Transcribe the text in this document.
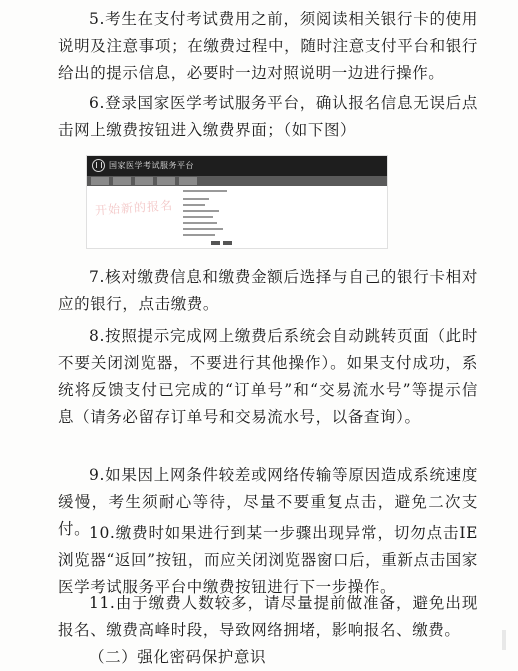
5.考生在支付考试费用之前，须阅读相关银行卡的使用说明及注意事项；在缴费过程中，随时注意支付平台和银行给出的提示信息，必要时一边对照说明一边进行操作。

6.登录国家医学考试服务平台，确认报名信息无误后点击网上缴费按钮进入缴费界面；（如下图）

国家医学考试服务平台
开始新的报名

7.核对缴费信息和缴费金额后选择与自己的银行卡相对应的银行，点击缴费。

8.按照提示完成网上缴费后系统会自动跳转页面（此时不要关闭浏览器，不要进行其他操作）。如果支付成功，系统将反馈支付已完成的“订单号”和“交易流水号”等提示信息（请务必留存订单号和交易流水号，以备查询）。

9.如果因上网条件较差或网络传输等原因造成系统速度缓慢，考生须耐心等待，尽量不要重复点击，避免二次支付。

10.缴费时如果进行到某一步骤出现异常，切勿点击IE浏览器“返回”按钮，而应关闭浏览器窗口后，重新点击国家医学考试服务平台中缴费按钮进行下一步操作。

11.由于缴费人数较多，请尽量提前做准备，避免出现报名、缴费高峰时段，导致网络拥堵，影响报名、缴费。

（二）强化密码保护意识
